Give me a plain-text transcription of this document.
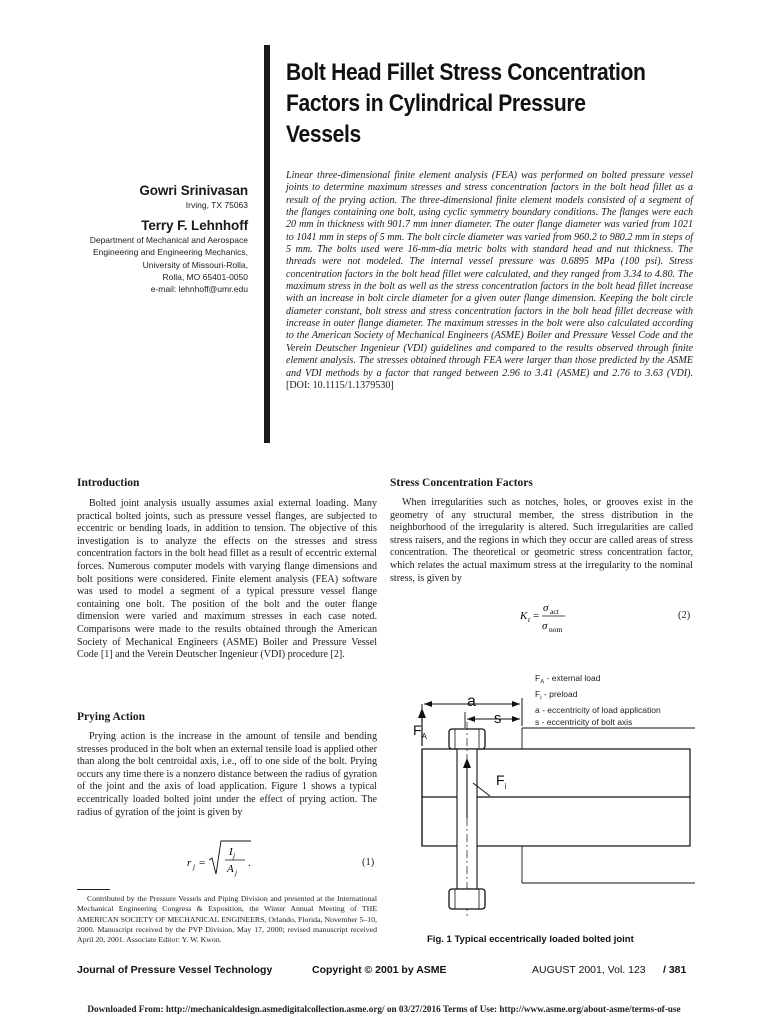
Bolt Head Fillet Stress Concentration Factors in Cylindrical Pressure Vessels
Gowri Srinivasan
Irving, TX 75063
Terry F. Lehnhoff
Department of Mechanical and Aerospace
Engineering and Engineering Mechanics,
University of Missouri-Rolla,
Rolla, MO 65401-0050
e-mail: lehnhoff@umr.edu
Linear three-dimensional finite element analysis (FEA) was performed on bolted pressure vessel joints to determine maximum stresses and stress concentration factors in the bolt head fillet as a result of the prying action. The three-dimensional finite element models consisted of a segment of the flanges containing one bolt, using cyclic symmetry boundary conditions. The flanges were each 20 mm in thickness with 901.7 mm inner diameter. The outer flange diameter was varied from 1021 to 1041 mm in steps of 5 mm. The bolt circle diameter was varied from 960.2 to 980.2 mm in steps of 5 mm. The bolts used were 16-mm-dia metric bolts with standard head and nut thickness. The threads were not modeled. The internal vessel pressure was 0.6895 MPa (100 psi). Stress concentration factors in the bolt head fillet were calculated, and they ranged from 3.34 to 4.80. The maximum stress in the bolt as well as the stress concentration factors in the bolt head fillet increase with an increase in bolt circle diameter for a given outer flange dimension. Keeping the bolt circle diameter constant, bolt stress and stress concentration factors in the bolt head fillet decrease with increase in outer flange diameter. The maximum stresses in the bolt were also calculated according to the American Society of Mechanical Engineers (ASME) Boiler and Pressure Vessel Code and the Verein Deutscher Ingenieur (VDI) guidelines and compared to the results observed through finite element analysis. The stresses obtained through FEA were larger than those predicted by the ASME and VDI methods by a factor that ranged between 2.96 to 3.41 (ASME) and 2.76 to 3.63 (VDI). [DOI: 10.1115/1.1379530]
Introduction
Bolted joint analysis usually assumes axial external loading. Many practical bolted joints, such as pressure vessel flanges, are subjected to eccentric or bending loads, in addition to tension. The objective of this investigation is to analyze the effects on the stresses and stress concentration factors in the bolt head fillet as a result of eccentric external forces. Numerous computer models with varying flange dimensions and bolt positions were considered. Finite element analysis (FEA) software was used to model a segment of a typical pressure vessel flange containing one bolt. The position of the bolt and the outer flange dimension were varied and maximum stresses in each case noted. Comparisons were made to the results obtained through the American Society of Mechanical Engineers (ASME) Boiler and Pressure Vessel Code [1] and the Verein Deutscher Ingenieur (VDI) procedure [2].
Prying Action
Prying action is the increase in the amount of tensile and bending stresses produced in the bolt when an external tensile load is applied other than along the bolt centroidal axis, i.e., off to one side of the bolt. Prying occurs any time there is a nonzero distance between the radius of gyration of the joint and the axis of load application. Figure 1 shows a typical eccentrically loaded bolted joint under the effect of prying action. The radius of gyration of the joint is given by
r j =
I j
A j
.	(1)
Stress Concentration Factors
When irregularities such as notches, holes, or grooves exist in the geometry of any structural member, the stress distribution in the neighborhood of the irregularity is altered. Such irregularities are called stress raisers, and the regions in which they occur are called areas of stress concentration. The theoretical or geometric stress concentration factor, which relates the actual maximum stress at the irregularity to the nominal stress, is given by
K t =
σ act
σ nom
(2)
$F_A$ - external load
$F_i$ - preload
a - eccentricity of load application
s - eccentricity of bolt axis
a
s
$F_A$
$F_i$
Fig. 1 Typical eccentrically loaded bolted joint
Contributed by the Pressure Vessels and Piping Division and presented at the International Mechanical Engineering Congress & Exposition, the Winter Annual Meeting of THE AMERICAN SOCIETY OF MECHANICAL ENGINEERS, Orlando, Florida, November 5–10, 2000. Manuscript received by the PVP Division, May 17, 2000; revised manuscript received April 20, 2001. Associate Editor: Y. W. Kwon.
Journal of Pressure Vessel Technology	Copyright © 2001 by ASME	AUGUST 2001, Vol. 123 / 381
Downloaded From: http://mechanicaldesign.asmedigitalcollection.asme.org/ on 03/27/2016 Terms of Use: http://www.asme.org/about-asme/terms-of-use
